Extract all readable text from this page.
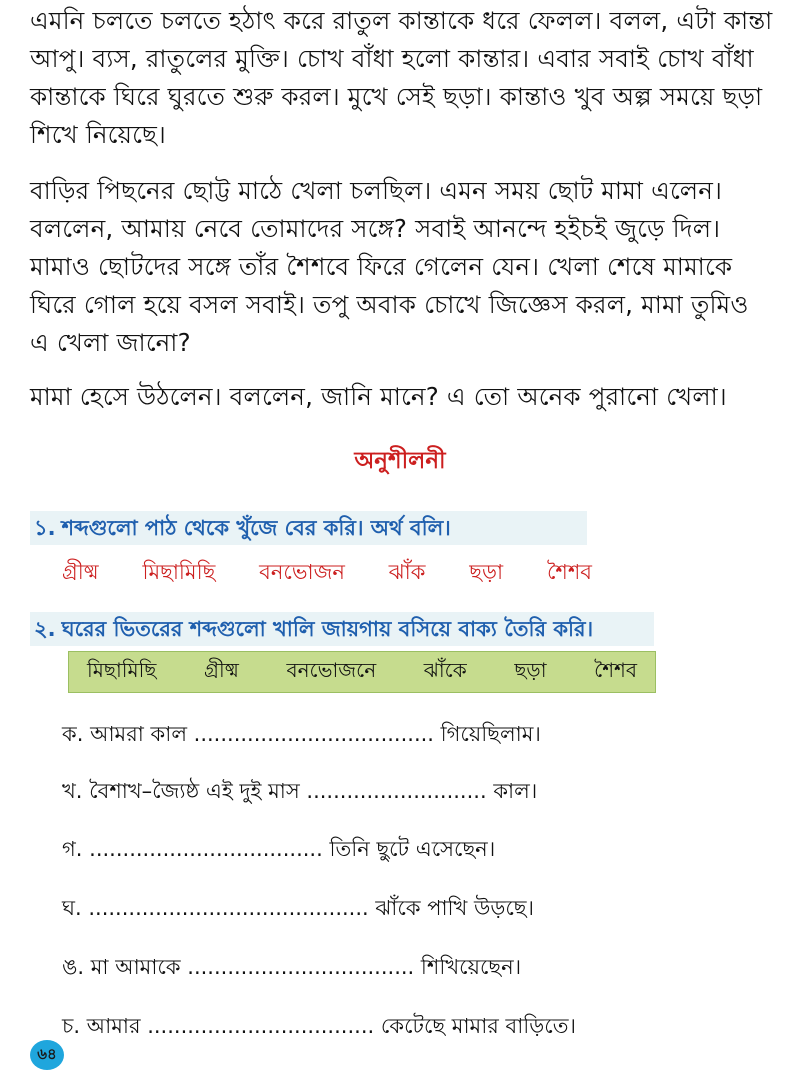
এমনি চলতে চলতে হঠাৎ করে রাতুল কান্তাকে ধরে ফেলল। বলল, এটা কান্তা আপু। ব্যস, রাতুলের মুক্তি। চোখ বাঁধা হলো কান্তার। এবার সবাই চোখ বাঁধা কান্তাকে ঘিরে ঘুরতে শুরু করল। মুখে সেই ছড়া। কান্তাও খুব অল্প সময়ে ছড়া শিখে নিয়েছে।

বাড়ির পিছনের ছোট্ট মাঠে খেলা চলছিল। এমন সময় ছোট মামা এলেন। বললেন, আমায় নেবে তোমাদের সঙ্গে? সবাই আনন্দে হইচই জুড়ে দিল। মামাও ছোটদের সঙ্গে তাঁর শৈশবে ফিরে গেলেন যেন। খেলা শেষে মামাকে ঘিরে গোল হয়ে বসল সবাই। তপু অবাক চোখে জিজ্ঞেস করল, মামা তুমিও এ খেলা জানো?

মামা হেসে উঠলেন। বললেন, জানি মানে? এ তো অনেক পুরানো খেলা।

অনুশীলনী
১. শব্দগুলো পাঠ থেকে খুঁজে বের করি। অর্থ বলি।
গ্রীষ্ম মিছামিছি বনভোজন ঝাঁক ছড়া শৈশব
২. ঘরের ভিতরের শব্দগুলো খালি জায়গায় বসিয়ে বাক্য তৈরি করি।
মিছামিছি গ্রীষ্ম বনভোজনে ঝাঁকে ছড়া শৈশব
ক. আমরা কাল .................................... গিয়েছিলাম।
খ. বৈশাখ–জ্যৈষ্ঠ এই দুই মাস ........................... কাল।
গ. ................................... তিনি ছুটে এসেছেন।
ঘ. .......................................... ঝাঁকে পাখি উড়ছে।
ঙ. মা আমাকে .................................. শিখিয়েছেন।
চ. আমার .................................. কেটেছে মামার বাড়িতে।
৬৪
